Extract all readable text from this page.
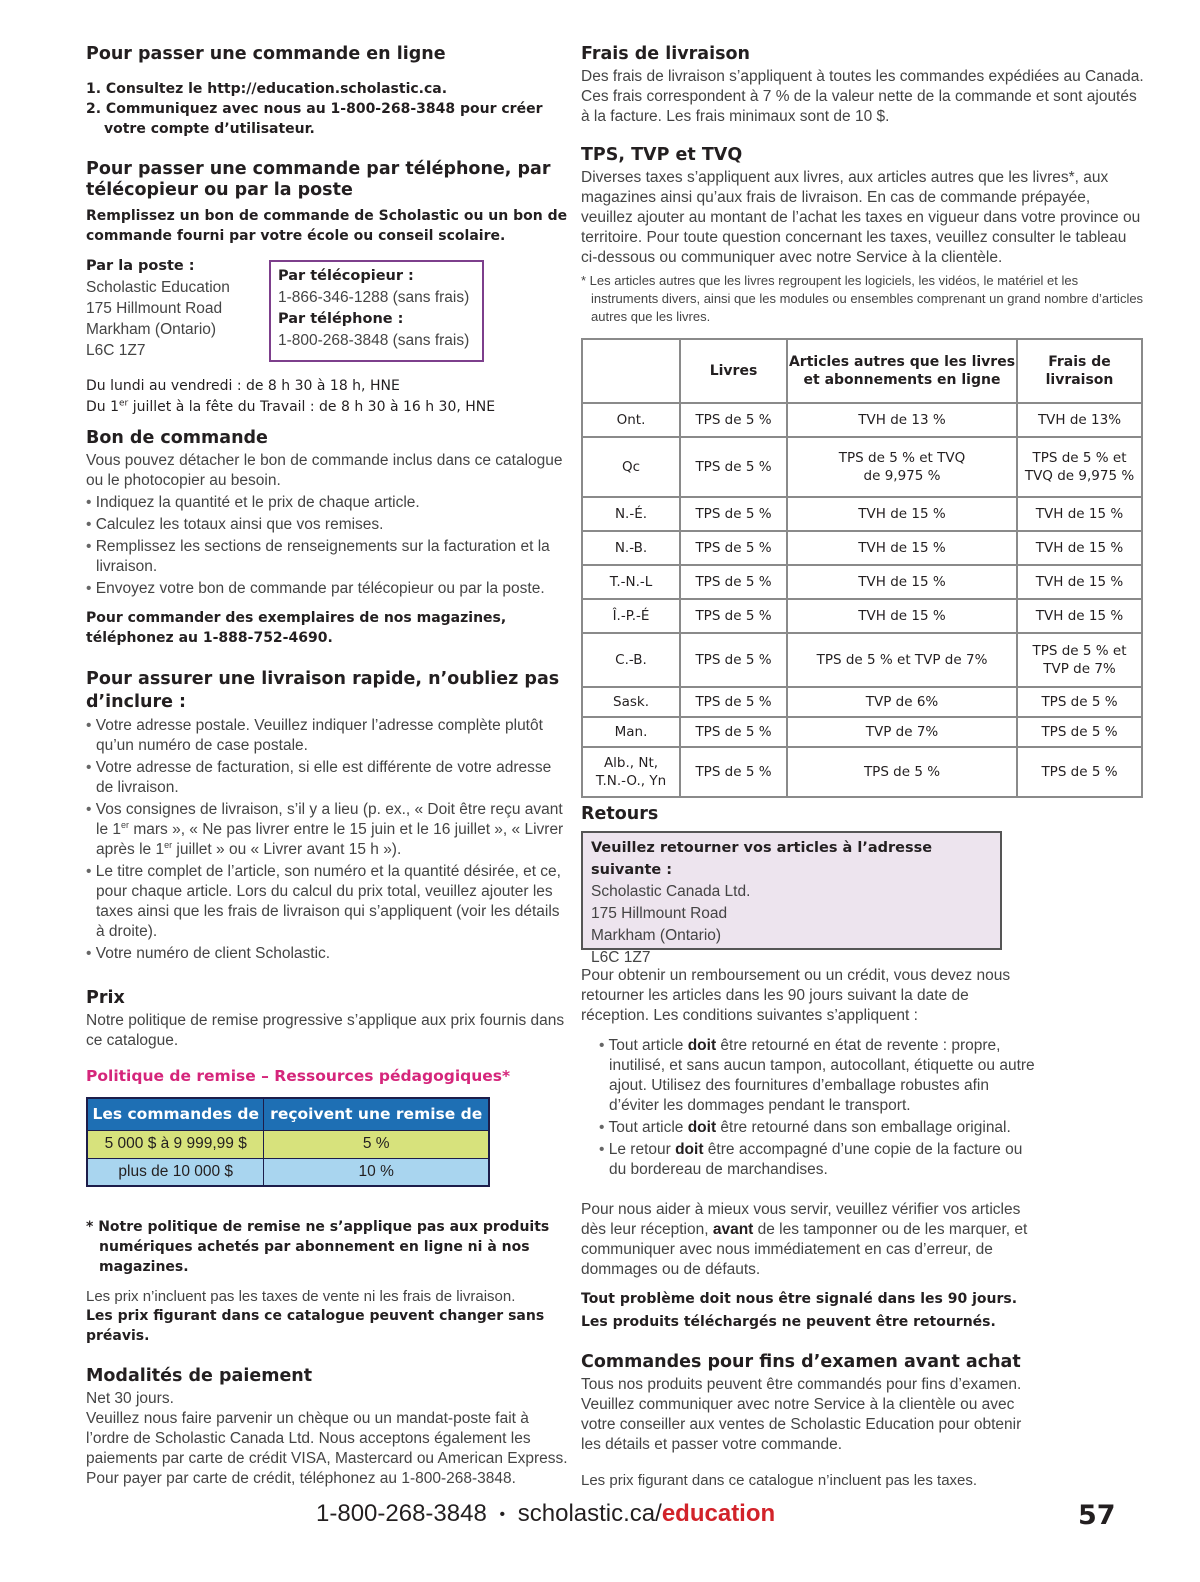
Pour passer une commande en ligne
1. Consultez le http://education.scholastic.ca.
2. Communiquez avec nous au 1-800-268-3848 pour créer votre compte d’utilisateur.
Pour passer une commande par téléphone, par télécopieur ou par la poste

Remplissez un bon de commande de Scholastic ou un bon de commande fourni par votre école ou conseil scolaire.

Par la poste :
Scholastic Education
175 Hillmount Road
Markham (Ontario)
L6C 1Z7
Par télécopieur :
1-866-346-1288 (sans frais)
Par téléphone :
1-800-268-3848 (sans frais)
Du lundi au vendredi : de 8 h 30 à 18 h, HNE
Du 1er juillet à la fête du Travail : de 8 h 30 à 16 h 30, HNE
Bon de commande

Vous pouvez détacher le bon de commande inclus dans ce catalogue ou le photocopier au besoin.

• Indiquez la quantité et le prix de chaque article.
• Calculez les totaux ainsi que vos remises.
• Remplissez les sections de renseignements sur la facturation et la livraison.
• Envoyez votre bon de commande par télécopieur ou par la poste.

Pour commander des exemplaires de nos magazines, téléphonez au 1-888-752-4690.

Pour assurer une livraison rapide, n’oubliez pas d’inclure :
• Votre adresse postale. Veuillez indiquer l’adresse complète plutôt qu’un numéro de case postale.
• Votre adresse de facturation, si elle est différente de votre adresse de livraison.
• Vos consignes de livraison, s’il y a lieu (p. ex., « Doit être reçu avant le 1er mars », « Ne pas livrer entre le 15 juin et le 16 juillet », « Livrer après le 1er juillet » ou « Livrer avant 15 h »).
• Le titre complet de l’article, son numéro et la quantité désirée, et ce, pour chaque article. Lors du calcul du prix total, veuillez ajouter les taxes ainsi que les frais de livraison qui s’appliquent (voir les détails à droite).
• Votre numéro de client Scholastic.
Prix

Notre politique de remise progressive s’applique aux prix fournis dans ce catalogue.

Politique de remise – Ressources pédagogiques*

Les commandes de	reçoivent une remise de
5 000 $ à 9 999,99 $	5 %
plus de 10 000 $	10 %

* Notre politique de remise ne s’applique pas aux produits numériques achetés par abonnement en ligne ni à nos magazines.

Les prix n’incluent pas les taxes de vente ni les frais de livraison.

Les prix figurant dans ce catalogue peuvent changer sans préavis.

Modalités de paiement

Net 30 jours.

Veuillez nous faire parvenir un chèque ou un mandat-poste fait à l’ordre de Scholastic Canada Ltd. Nous acceptons également les paiements par carte de crédit VISA, Mastercard ou American Express. Pour payer par carte de crédit, téléphonez au 1-800-268-3848.

Frais de livraison

Des frais de livraison s’appliquent à toutes les commandes expédiées au Canada. Ces frais correspondent à 7 % de la valeur nette de la commande et sont ajoutés à la facture. Les frais minimaux sont de 10 $.

TPS, TVP et TVQ

Diverses taxes s’appliquent aux livres, aux articles autres que les livres*, aux magazines ainsi qu’aux frais de livraison. En cas de commande prépayée, veuillez ajouter au montant de l’achat les taxes en vigueur dans votre province ou territoire. Pour toute question concernant les taxes, veuillez consulter le tableau ci-dessous ou communiquer avec notre Service à la clientèle.

* Les articles autres que les livres regroupent les logiciels, les vidéos, le matériel et les instruments divers, ainsi que les modules ou ensembles comprenant un grand nombre d’articles autres que les livres.

	Livres	Articles autres que les livres et abonnements en ligne	Frais de livraison
Ont.	TPS de 5 %	TVH de 13 %	TVH de 13%
Qc	TPS de 5 %	TPS de 5 % et TVQ de 9,975 %	TPS de 5 % et TVQ de 9,975 %
N.-É.	TPS de 5 %	TVH de 15 %	TVH de 15 %
N.-B.	TPS de 5 %	TVH de 15 %	TVH de 15 %
T.-N.-L	TPS de 5 %	TVH de 15 %	TVH de 15 %
Î.-P.-É	TPS de 5 %	TVH de 15 %	TVH de 15 %
C.-B.	TPS de 5 %	TPS de 5 % et TVP de 7%	TPS de 5 % et TVP de 7%
Sask.	TPS de 5 %	TVP de 6%	TPS de 5 %
Man.	TPS de 5 %	TVP de 7%	TPS de 5 %
Alb., Nt, T.N.-O., Yn	TPS de 5 %	TPS de 5 %	TPS de 5 %
Retours
Veuillez retourner vos articles à l’adresse suivante :
Scholastic Canada Ltd.
175 Hillmount Road
Markham (Ontario)
L6C 1Z7

Pour obtenir un remboursement ou un crédit, vous devez nous retourner les articles dans les 90 jours suivant la date de réception. Les conditions suivantes s’appliquent :

• Tout article doit être retourné en état de revente : propre, inutilisé, et sans aucun tampon, autocollant, étiquette ou autre ajout. Utilisez des fournitures d’emballage robustes afin d’éviter les dommages pendant le transport.
• Tout article doit être retourné dans son emballage original.
• Le retour doit être accompagné d’une copie de la facture ou du bordereau de marchandises.

Pour nous aider à mieux vous servir, veuillez vérifier vos articles dès leur réception, avant de les tamponner ou de les marquer, et communiquer avec nous immédiatement en cas d’erreur, de dommages ou de défauts.

Tout problème doit nous être signalé dans les 90 jours.

Les produits téléchargés ne peuvent être retournés.

Commandes pour fins d’examen avant achat

Tous nos produits peuvent être commandés pour fins d’examen. Veuillez communiquer avec notre Service à la clientèle ou avec votre conseiller aux ventes de Scholastic Education pour obtenir les détails et passer votre commande.

Les prix figurant dans ce catalogue n’incluent pas les taxes.

1-800-268-3848 • scholastic.ca/education	57
